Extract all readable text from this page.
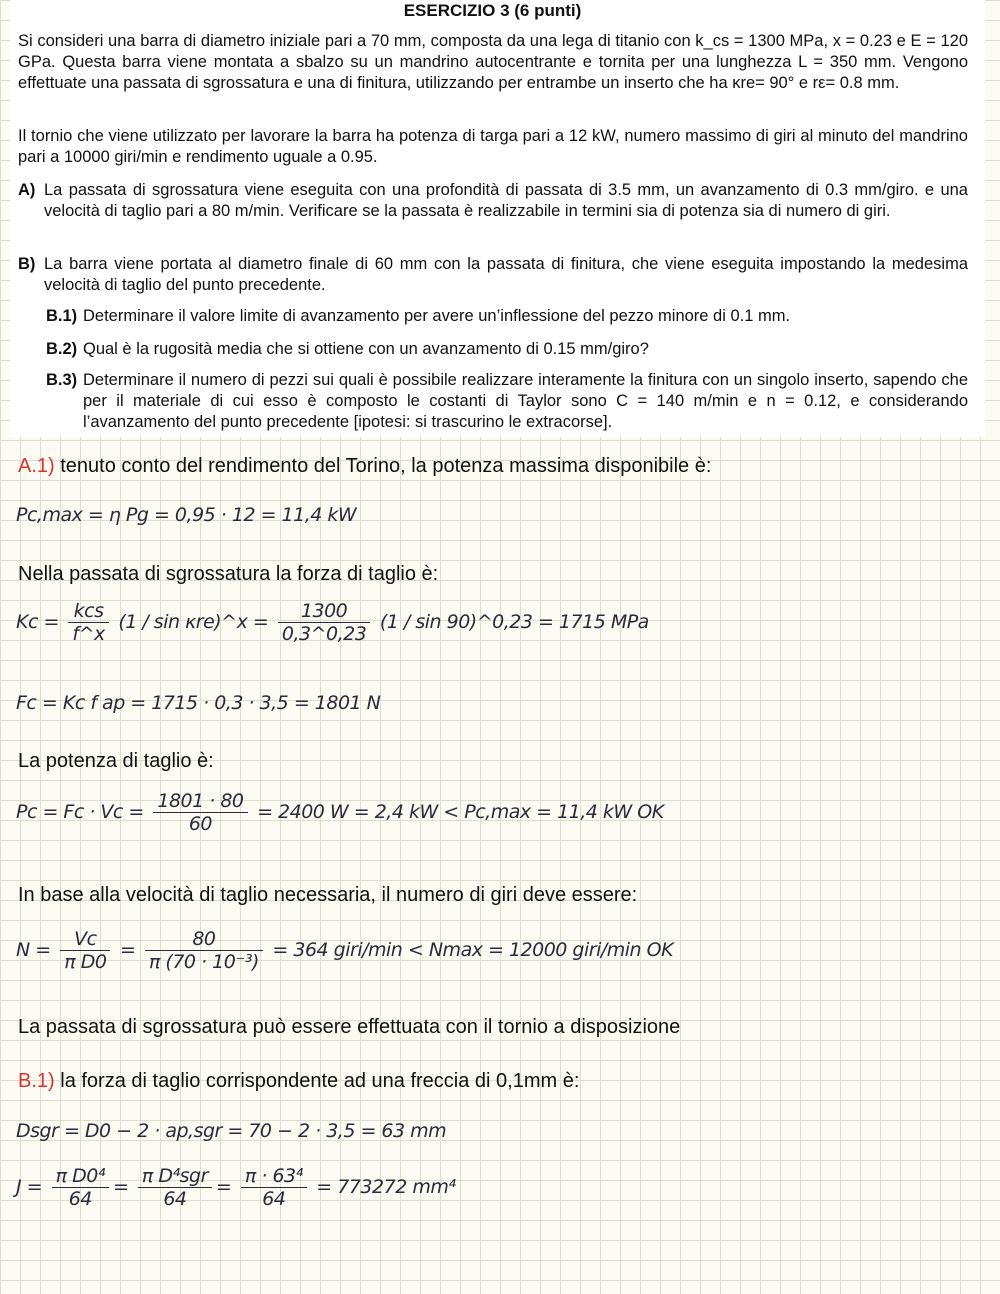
ESERCIZIO 3 (6 punti)
Si consideri una barra di diametro iniziale pari a 70 mm, composta da una lega di titanio con k_cs = 1300 MPa, x = 0.23 e E = 120 GPa. Questa barra viene montata a sbalzo su un mandrino autocentrante e tornita per una lunghezza L = 350 mm. Vengono effettuate una passata di sgrossatura e una di finitura, utilizzando per entrambe un inserto che ha κre= 90° e rε= 0.8 mm.
Il tornio che viene utilizzato per lavorare la barra ha potenza di targa pari a 12 kW, numero massimo di giri al minuto del mandrino pari a 10000 giri/min e rendimento uguale a 0.95.
A) La passata di sgrossatura viene eseguita con una profondità di passata di 3.5 mm, un avanzamento di 0.3 mm/giro. e una velocità di taglio pari a 80 m/min. Verificare se la passata è realizzabile in termini sia di potenza sia di numero di giri.
B) La barra viene portata al diametro finale di 60 mm con la passata di finitura, che viene eseguita impostando la medesima velocità di taglio del punto precedente.
B.1) Determinare il valore limite di avanzamento per avere un’inflessione del pezzo minore di 0.1 mm.
B.2) Qual è la rugosità media che si ottiene con un avanzamento di 0.15 mm/giro?
B.3) Determinare il numero di pezzi sui quali è possibile realizzare interamente la finitura con un singolo inserto, sapendo che per il materiale di cui esso è composto le costanti di Taylor sono C = 140 m/min e n = 0.12, e considerando l’avanzamento del punto precedente [ipotesi: si trascurino le extracorse].
A.1) tenuto conto del rendimento del Torino, la potenza massima disponibile è:
Pc,max = η Pg = 0,95 · 12 = 11,4 kW
Nella passata di sgrossatura la forza di taglio è:
$Kc = \frac{\text{kcs}}{f\^{}x} (1 / \sin$ κre)^x = $\frac{1300}{0,3\^{}0,23} (1$ / sin 90)^0,23 = 1715 MPa
Fc = Kc f ap = 1715 · 0,3 · 3,5 = 1801 N
La potenza di taglio è:
$Pc = Fc \cdot Vc = \frac{1801 \cdot 80}{60} = 2400$ W = 2,4 kW < Pc,max = 11,4 kW OK
In base alla velocità di taglio necessaria, il numero di giri deve essere:
$N = \frac{Vc}{\text{π D0}} = \frac{80}{\text{π (70 · 10⁻³)}} = 364$ giri/min < Nmax = 12000 giri/min OK
La passata di sgrossatura può essere effettuata con il tornio a disposizione
B.1) la forza di taglio corrispondente ad una freccia di 0,1mm è:
Dsgr = D0 − 2 · ap,sgr = 70 − 2 · 3,5 = 63 mm
$J = \frac{\text{π D0⁴}}{64} = \frac{\text{π D⁴sgr}}{64} = \frac{\text{π · 63⁴}}{64} = 773272$ mm⁴
